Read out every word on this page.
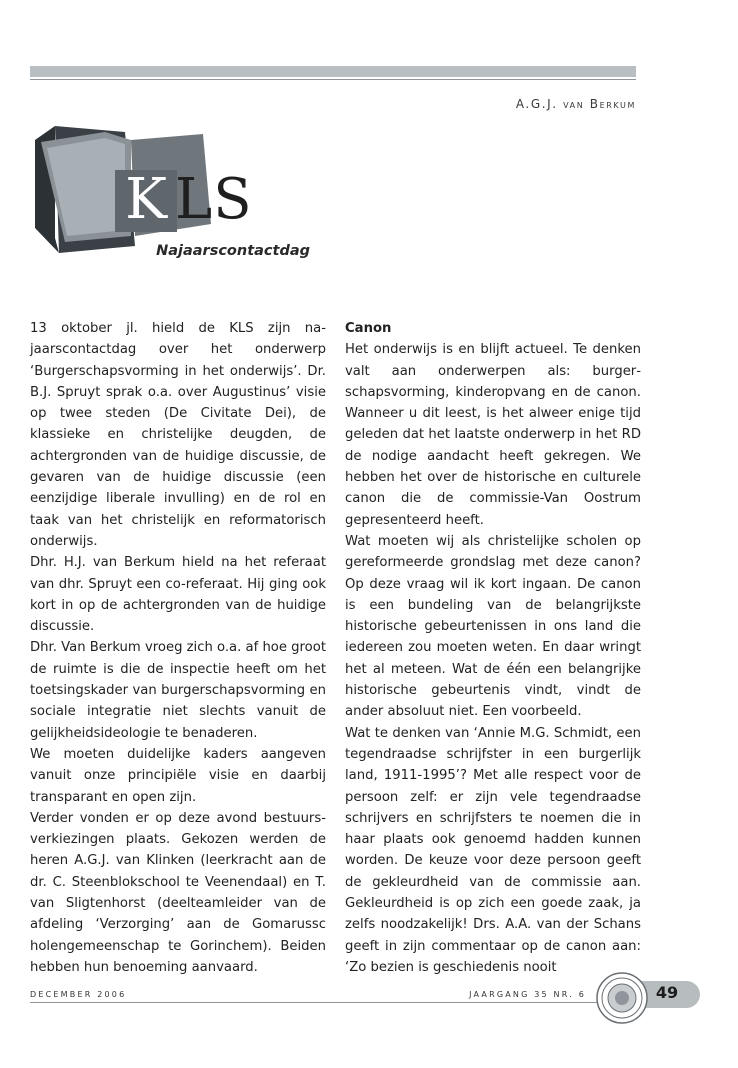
A.G.J. van Berkum
K LS
Najaarscontactdag

13 oktober jl. hield de KLS zijn najaarscontactdag over het onderwerp ‘Burgerschapsvorming in het onderwijs’. Dr. B.J. Spruyt sprak o.a. over Augustinus’ visie op twee steden (De Civitate Dei), de klassieke en christelijke deugden, de achtergronden van de huidige discussie, de gevaren van de huidige discussie (een eenzijdige liberale invulling) en de rol en taak van het christelijk en reformatorisch onderwijs.

Dhr. H.J. van Berkum hield na het referaat van dhr. Spruyt een co-referaat. Hij ging ook kort in op de achtergronden van de huidige discussie.

Dhr. Van Berkum vroeg zich o.a. af hoe groot de ruimte is die de inspectie heeft om het toetsingskader van burgerschapsvorming en sociale integratie niet slechts vanuit de gelijkheidsideologie te benaderen.

We moeten duidelijke kaders aangeven vanuit onze principiële visie en daarbij transparant en open zijn.

Verder vonden er op deze avond bestuursverkiezingen plaats. Gekozen werden de heren A.G.J. van Klinken (leerkracht aan de dr. C. Steenblokschool te Veenendaal) en T. van Sligtenhorst (deelteamleider van de afdeling ‘Verzorging’ aan de Gomarussc holengemeenschap te Gorinchem). Beiden hebben hun benoeming aanvaard.

Canon

Het onderwijs is en blijft actueel. Te denken valt aan onderwerpen als: burgerschapsvorming, kinderopvang en de canon. Wanneer u dit leest, is het alweer enige tijd geleden dat het laatste onderwerp in het RD de nodige aandacht heeft gekregen. We hebben het over de historische en culturele canon die de commissie-Van Oostrum gepresenteerd heeft.

Wat moeten wij als christelijke scholen op gereformeerde grondslag met deze canon? Op deze vraag wil ik kort ingaan. De canon is een bundeling van de belangrijkste historische gebeurtenissen in ons land die iedereen zou moeten weten. En daar wringt het al meteen. Wat de één een belangrijke historische gebeurtenis vindt, vindt de ander absoluut niet. Een voorbeeld.

Wat te denken van ‘Annie M.G. Schmidt, een tegendraadse schrijfster in een burgerlijk land, 1911-1995’? Met alle respect voor de persoon zelf: er zijn vele tegendraadse schrijvers en schrijfsters te noemen die in haar plaats ook genoemd hadden kunnen worden. De keuze voor deze persoon geeft de gekleurdheid van de commissie aan. Gekleurdheid is op zich een goede zaak, ja zelfs noodzakelijk! Drs. A.A. van der Schans geeft in zijn commentaar op de canon aan: ‘Zo bezien is geschiedenis nooit

DECEMBER 2006	JAARGANG 35 NR. 6	49
